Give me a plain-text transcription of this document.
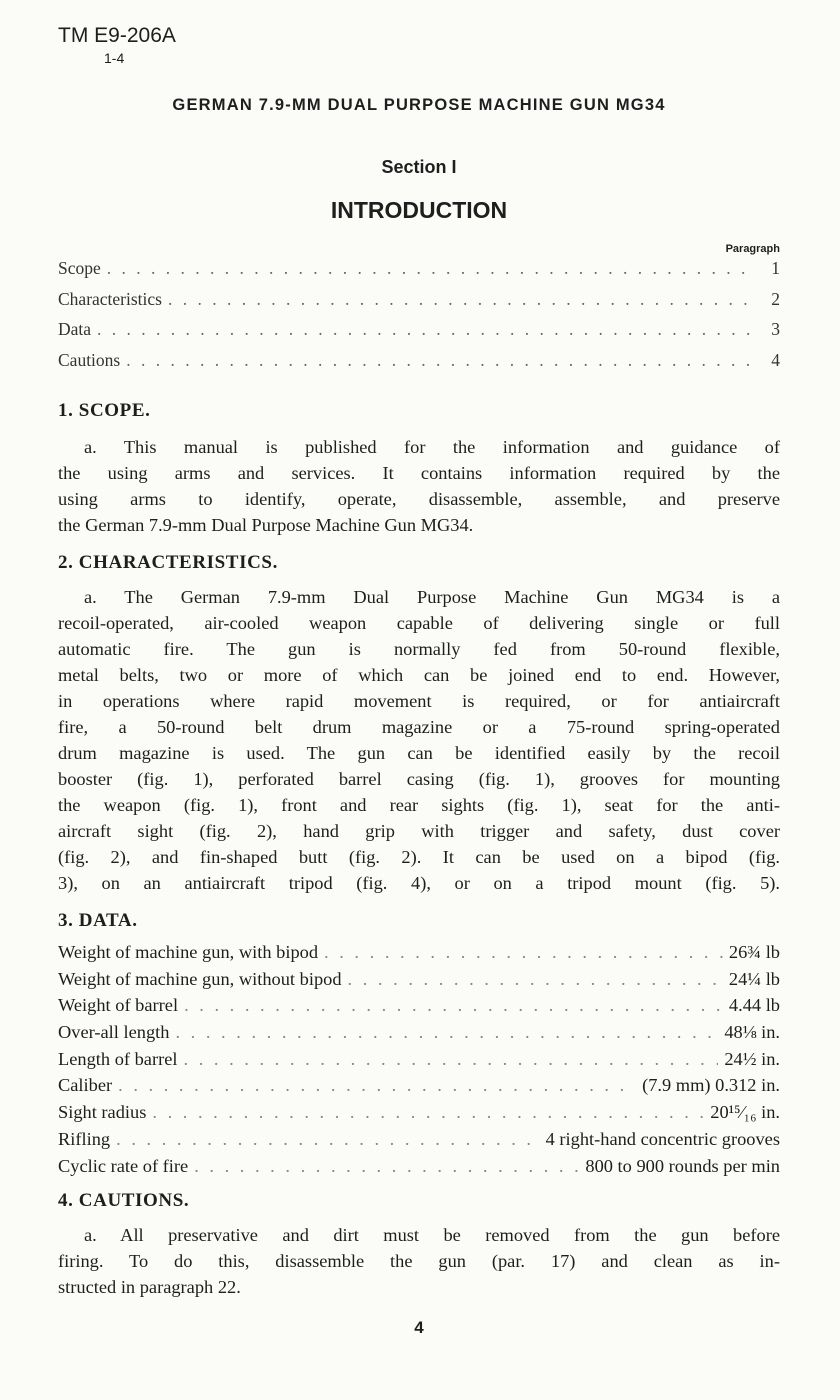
TM E9-206A
1-4
GERMAN 7.9-MM DUAL PURPOSE MACHINE GUN MG34
Section I
INTRODUCTION
Paragraph
Scope . . .	1
Characteristics . . .	2
Data . . .	3
Cautions . . .	4
1. SCOPE.
a. This manual is published for the information and guidance of
the using arms and services. It contains information required by the
using arms to identify, operate, disassemble, assemble, and preserve
the German 7.9-mm Dual Purpose Machine Gun MG34.
2. CHARACTERISTICS.
a. The German 7.9-mm Dual Purpose Machine Gun MG34 is a
recoil-operated, air-cooled weapon capable of delivering single or full
automatic fire. The gun is normally fed from 50-round flexible,
metal belts, two or more of which can be joined end to end. However,
in operations where rapid movement is required, or for antiaircraft
fire, a 50-round belt drum magazine or a 75-round spring-operated
drum magazine is used. The gun can be identified easily by the recoil
booster (fig. 1), perforated barrel casing (fig. 1), grooves for mounting
the weapon (fig. 1), front and rear sights (fig. 1), seat for the anti-
aircraft sight (fig. 2), hand grip with trigger and safety, dust cover
(fig. 2), and fin-shaped butt (fig. 2). It can be used on a bipod (fig.
3), on an antiaircraft tripod (fig. 4), or on a tripod mount (fig. 5).
3. DATA.
Weight of machine gun, with bipod . . .	26¾ lb
Weight of machine gun, without bipod . . .	24¼ lb
Weight of barrel . . .	4.44 lb
Over-all length . . .	48⅛ in.
Length of barrel . . .	24½ in.
Caliber . . .	(7.9 mm) 0.312 in.
Sight radius . . .	20¹⁵⁄₁₆ in.
Rifling . . .	4 right-hand concentric grooves
Cyclic rate of fire . . .	800 to 900 rounds per min
4. CAUTIONS.
a. All preservative and dirt must be removed from the gun before
firing. To do this, disassemble the gun (par. 17) and clean as in-
structed in paragraph 22.
4
